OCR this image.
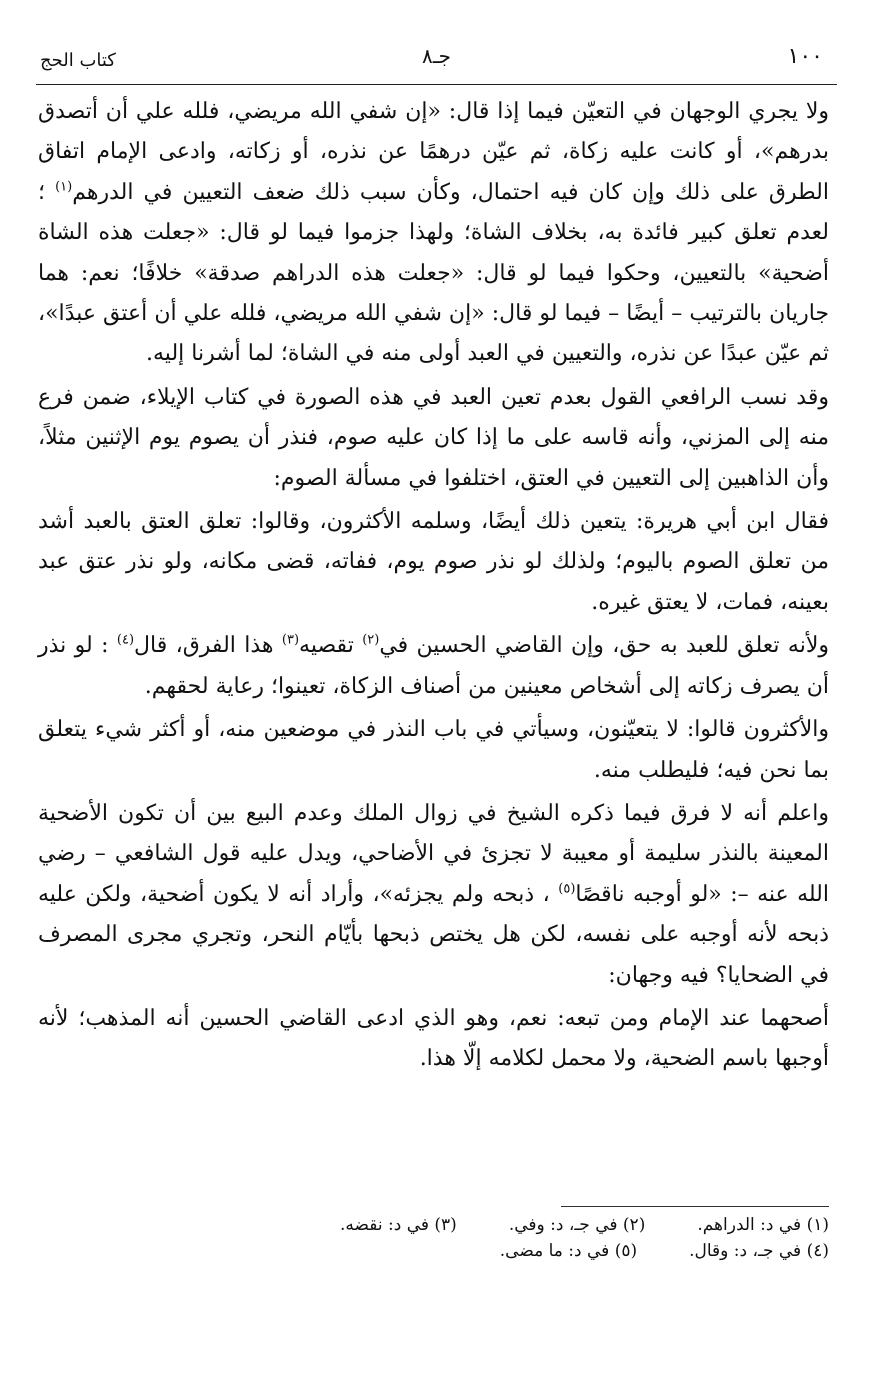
١٠٠
جـ٨
كتاب الحج

ولا يجري الوجهان في التعيّن فيما إذا قال: «إن شفي الله مريضي، فلله علي أن أتصدق بدرهم»، أو كانت عليه زكاة، ثم عيّن درهمًا عن نذره، أو زكاته، وادعى الإمام اتفاق الطرق على ذلك وإن كان فيه احتمال، وكأن سبب ذلك ضعف التعيين في الدرهم$^{(١)}$ ؛ لعدم تعلق كبير فائدة به، بخلاف الشاة؛ ولهذا جزموا فيما لو قال: «جعلت هذه الشاة أضحية» بالتعيين، وحكوا فيما لو قال: «جعلت هذه الدراهم صدقة» خلافًا؛ نعم: هما جاريان بالترتيب – أيضًا – فيما لو قال: «إن شفي الله مريضي، فلله علي أن أعتق عبدًا»، ثم عيّن عبدًا عن نذره، والتعيين في العبد أولى منه في الشاة؛ لما أشرنا إليه.

وقد نسب الرافعي القول بعدم تعين العبد في هذه الصورة في كتاب الإيلاء، ضمن فرع منه إلى المزني، وأنه قاسه على ما إذا كان عليه صوم، فنذر أن يصوم يوم الإثنين مثلاً، وأن الذاهبين إلى التعيين في العتق، اختلفوا في مسألة الصوم:

فقال ابن أبي هريرة: يتعين ذلك أيضًا، وسلمه الأكثرون، وقالوا: تعلق العتق بالعبد أشد من تعلق الصوم باليوم؛ ولذلك لو نذر صوم يوم، ففاته، قضى مكانه، ولو نذر عتق عبد بعينه، فمات، لا يعتق غيره.

ولأنه تعلق للعبد به حق، وإن القاضي الحسين في$^{(٢)}$ تقصيه$^{(٣)}$ هذا الفرق، قال$^{(٤)}$ : لو نذر أن يصرف زكاته إلى أشخاص معينين من أصناف الزكاة، تعينوا؛ رعاية لحقهم.

والأكثرون قالوا: لا يتعيّنون، وسيأتي في باب النذر في موضعين منه، أو أكثر شيء يتعلق بما نحن فيه؛ فليطلب منه.

واعلم أنه لا فرق فيما ذكره الشيخ في زوال الملك وعدم البيع بين أن تكون الأضحية المعينة بالنذر سليمة أو معيبة لا تجزئ في الأضاحي، ويدل عليه قول الشافعي – رضي الله عنه –: «لو أوجبه ناقصًا$^{(٥)}$ ، ذبحه ولم يجزئه»، وأراد أنه لا يكون أضحية، ولكن عليه ذبحه لأنه أوجبه على نفسه، لكن هل يختص ذبحها بأيّام النحر، وتجري مجرى المصرف في الضحايا؟ فيه وجهان:

أصحهما عند الإمام ومن تبعه: نعم، وهو الذي ادعى القاضي الحسين أنه المذهب؛ لأنه أوجبها باسم الضحية، ولا محمل لكلامه إلّا هذا.

(١) في د: الدراهم.
(٢) في جـ، د: وفي.
(٣) في د: نقضه.
(٤) في جـ، د: وقال.
(٥) في د: ما مضى.
